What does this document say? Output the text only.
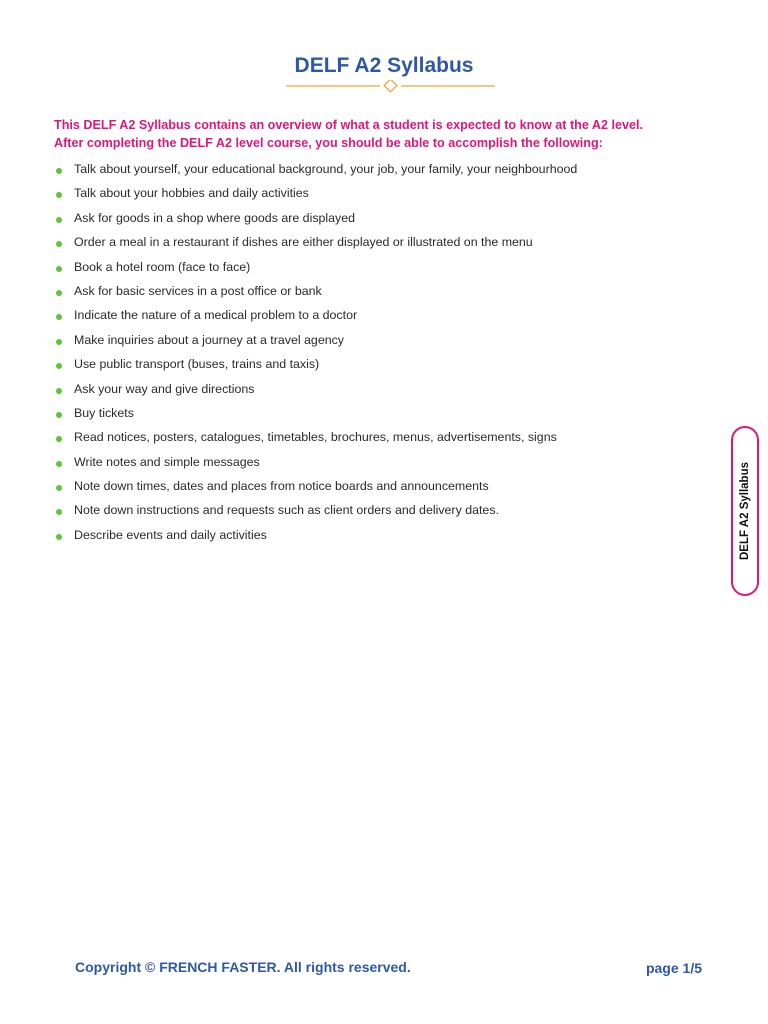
DELF A2 Syllabus

This DELF A2 Syllabus contains an overview of what a student is expected to know at the A2 level.
After completing the DELF A2 level course, you should be able to accomplish the following:

Talk about yourself, your educational background, your job, your family, your neighbourhood
Talk about your hobbies and daily activities
Ask for goods in a shop where goods are displayed
Order a meal in a restaurant if dishes are either displayed or illustrated on the menu
Book a hotel room (face to face)
Ask for basic services in a post office or bank
Indicate the nature of a medical problem to a doctor
Make inquiries about a journey at a travel agency
Use public transport (buses, trains and taxis)
Ask your way and give directions
Buy tickets
Read notices, posters, catalogues, timetables, brochures, menus, advertisements, signs
Write notes and simple messages
Note down times, dates and places from notice boards and announcements
Note down instructions and requests such as client orders and delivery dates.
Describe events and daily activities	DELF A2 Syllabus
Copyright © FRENCH FASTER. All rights reserved.	page 1/5
